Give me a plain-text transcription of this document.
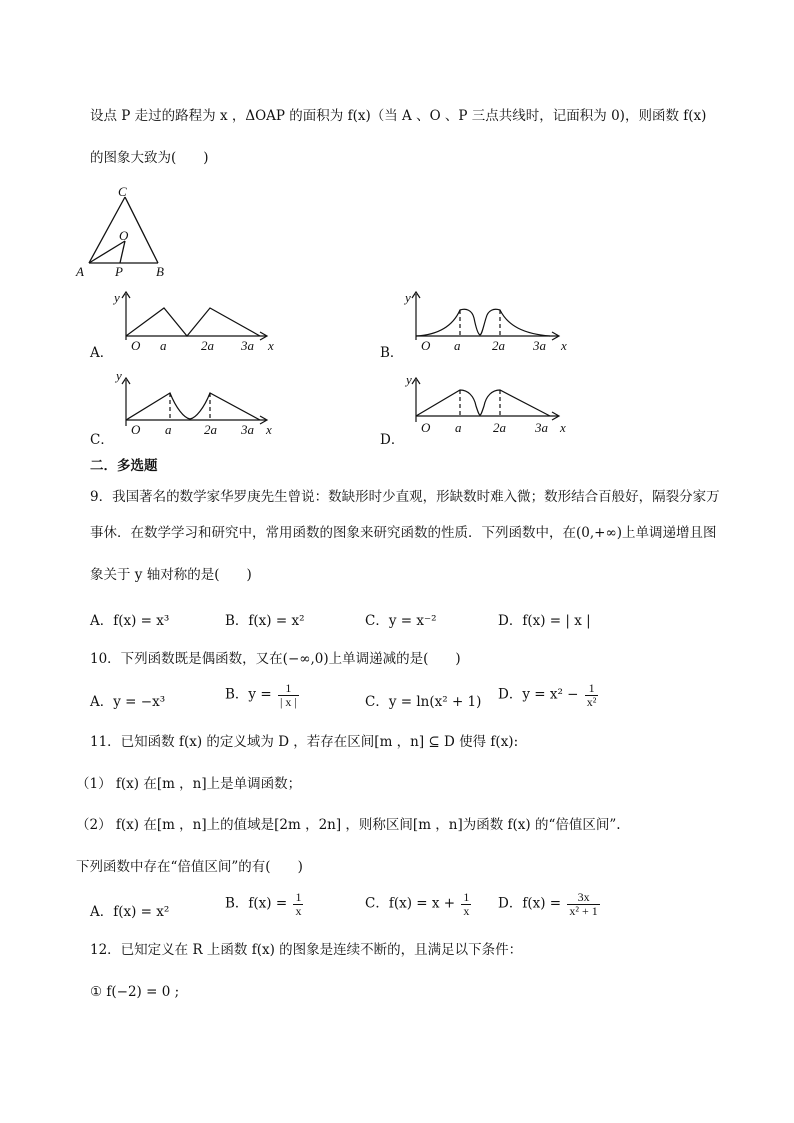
设点 P 走过的路程为 x ，ΔOAP 的面积为 f(x)（当 A 、O 、P 三点共线时，记面积为 0)，则函数 f(x)
的图象大致为(　　)
C
O
A P	B
A．
y
O a	2a 3a x	B．
y
O a 2a 3a x
C．
y
O a	2a 3a x
D．
y
O a 2a 3a x
二．多选题
9．我国著名的数学家华罗庚先生曾说：数缺形时少直观，形缺数时难入微；数形结合百般好，隔裂分家万
事休．在数学学习和研究中，常用函数的图象来研究函数的性质．下列函数中，在(0,+∞)上单调递增且图
象关于 y 轴对称的是(　　)
A．f(x) = x³	B．f(x) = x²	C．y = x⁻²	D．f(x) = | x |
10．下列函数既是偶函数，又在(−∞,0)上单调递减的是(　　)
A．y = −x³	B．$y = \frac{1}{| x |}$	C．y = ln(x² + 1) D．$y = x^2 - \frac{1}{\text{x²}}$
11．已知函数 f(x) 的定义域为 D ，若存在区间[m ，n] ⊆ D 使得 f(x):
（1） f(x) 在[m ，n]上是单调函数；
（2） f(x) 在[m ，n]上的值域是[2m ，2n] ，则称区间[m ，n]为函数 f(x) 的“倍值区间”.
下列函数中存在“倍值区间”的有(　　)
A．f(x) = x²
B．$f(x) = \frac{1}{x}$	C．$f(x) = x + \frac{1}{x}$ D．$f(x) = \frac{3x}{\text{x² + 1}}$
12．已知定义在 R 上函数 f(x) 的图象是连续不断的，且满足以下条件：
① f(−2) = 0 ;
